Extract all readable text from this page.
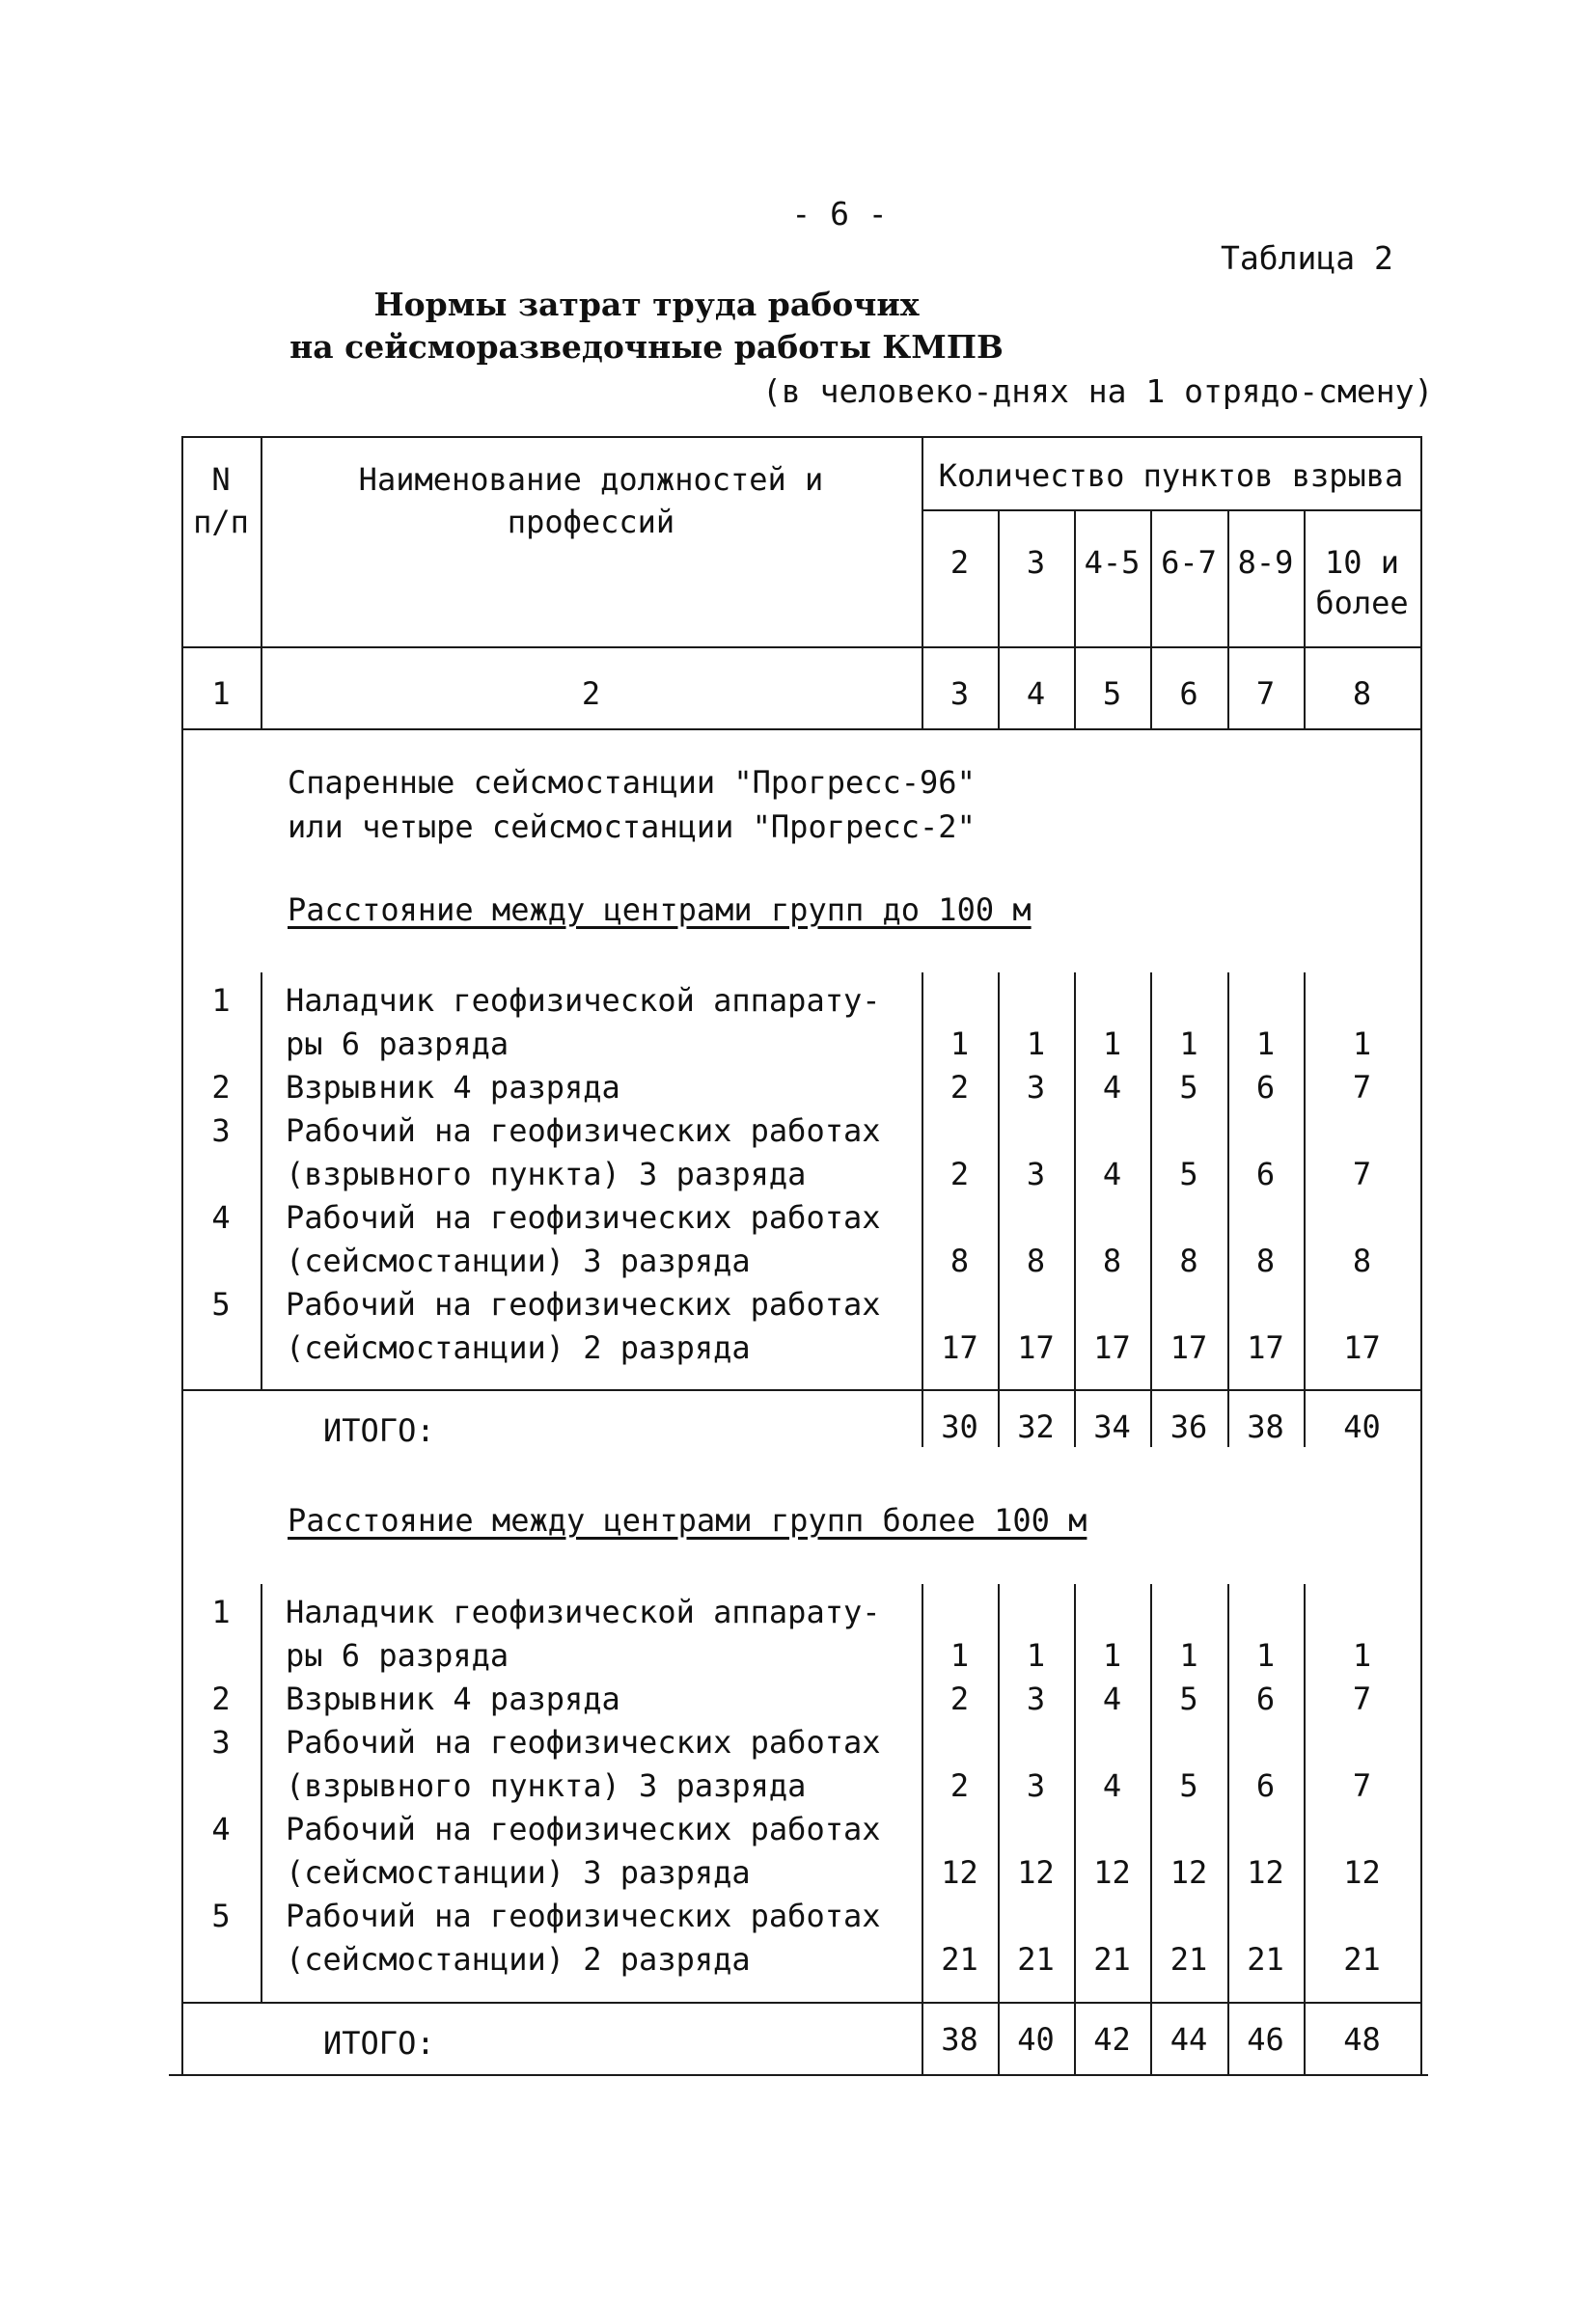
- 6 -
Таблица 2
Нормы затрат труда рабочих
на сейсморазведочные работы КМПВ
(в человеко-днях на 1 отрядо-смену)
N
п/п
Наименование должностей и
профессий
Количество пунктов взрыва
2	3	4-5 6-7 8-9	10 и
более
1	2	3	4	5	6	7	8
Спаренные сейсмостанции "Прогресс-96"
или четыре сейсмостанции "Прогресс-2"
Расстояние между центрами групп до 100 м
1	Наладчик геофизической аппарату-
ры 6 разряда	1	1	1	1	1	1
2	Взрывник 4 разряда	2	3	4	5	6	7
3	Рабочий на геофизических работах
(взрывного пункта) 3 разряда	2	3	4	5	6	7
4	Рабочий на геофизических работах
(сейсмостанции) 3 разряда	8	8	8	8	8	8
5	Рабочий на геофизических работах
(сейсмостанции) 2 разряда	17	17	17	17	17	17
ИТОГО:	30	32	34	36	38	40
Расстояние между центрами групп более 100 м
1	Наладчик геофизической аппарату-
ры 6 разряда	1	1	1	1	1	1
2	Взрывник 4 разряда	2	3	4	5	6	7
3	Рабочий на геофизических работах
(взрывного пункта) 3 разряда	2	3	4	5	6	7
4	Рабочий на геофизических работах
(сейсмостанции) 3 разряда	12	12	12	12	12	12
5	Рабочий на геофизических работах
(сейсмостанции) 2 разряда	21	21	21	21	21	21
ИТОГО:	38	40	42	44	46	48
